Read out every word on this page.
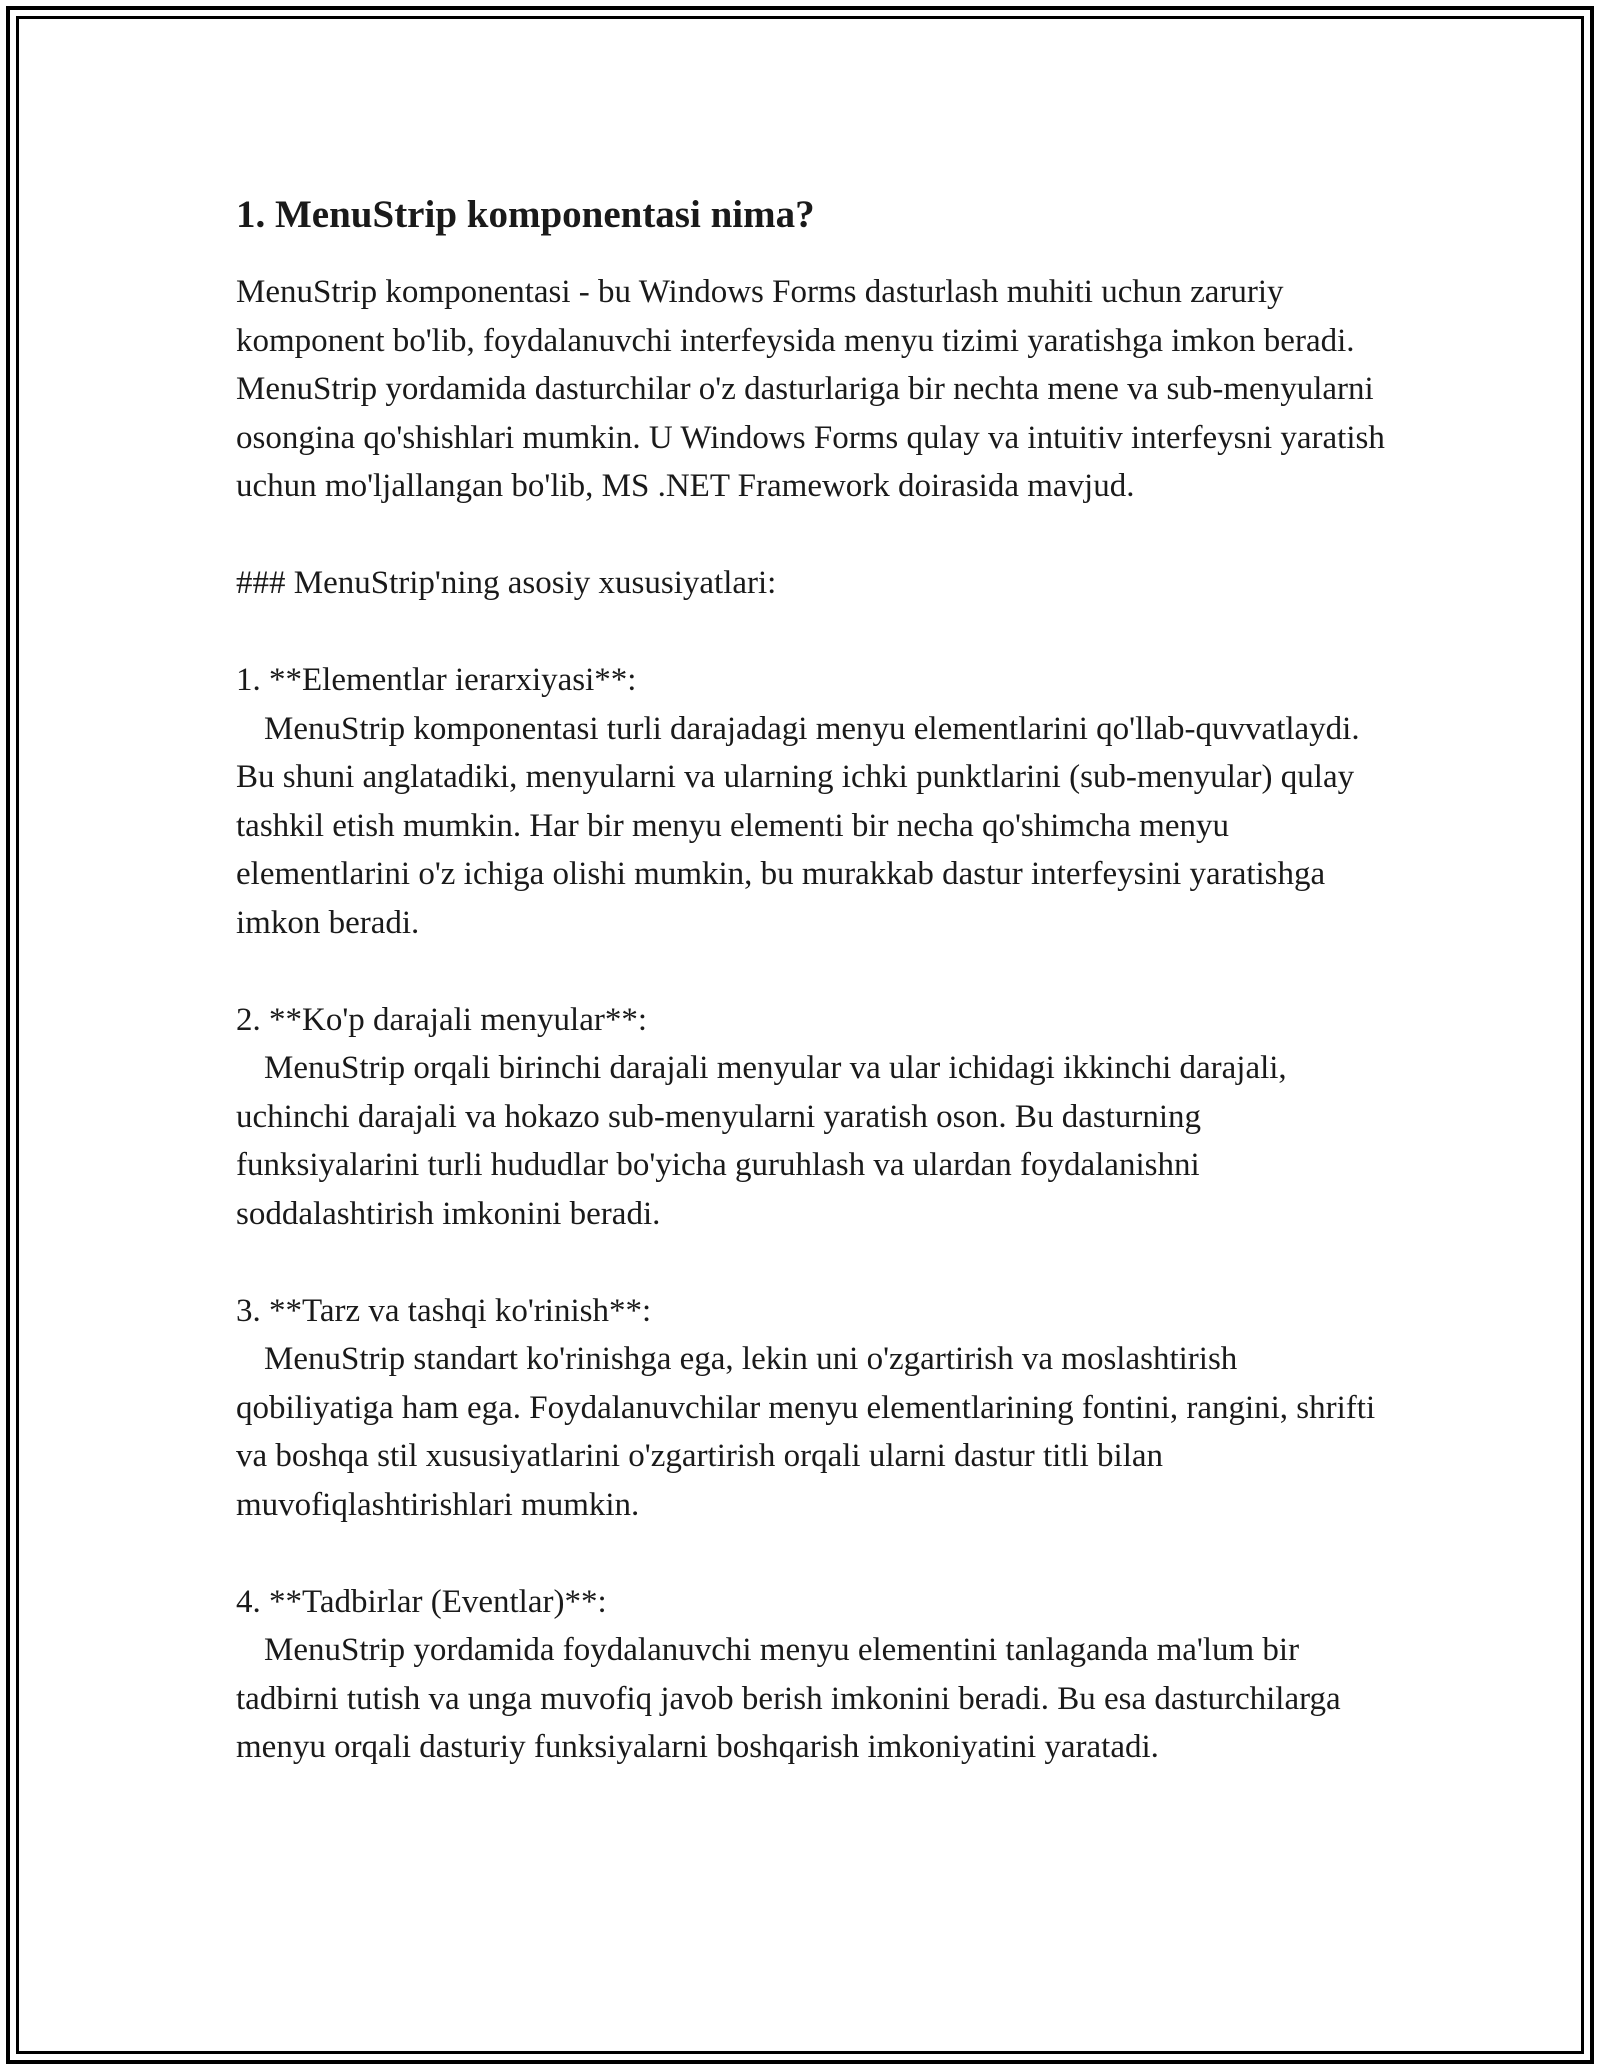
1. MenuStrip komponentasi nima?

MenuStrip komponentasi - bu Windows Forms dasturlash muhiti uchun zaruriy komponent bo'lib, foydalanuvchi interfeysida menyu tizimi yaratishga imkon beradi. MenuStrip yordamida dasturchilar o'z dasturlariga bir nechta mene va sub-menyularni osongina qo'shishlari mumkin. U Windows Forms qulay va intuitiv interfeysni yaratish uchun mo'ljallangan bo'lib, MS .NET Framework doirasida mavjud.

### MenuStrip'ning asosiy xususiyatlari:

1. **Elementlar ierarxiyasi**:

MenuStrip komponentasi turli darajadagi menyu elementlarini qo'llab-quvvatlaydi. Bu shuni anglatadiki, menyularni va ularning ichki punktlarini (sub-menyular) qulay tashkil etish mumkin. Har bir menyu elementi bir necha qo'shimcha menyu elementlarini o'z ichiga olishi mumkin, bu murakkab dastur interfeysini yaratishga imkon beradi.

2. **Ko'p darajali menyular**:

MenuStrip orqali birinchi darajali menyular va ular ichidagi ikkinchi darajali, uchinchi darajali va hokazo sub-menyularni yaratish oson. Bu dasturning funksiyalarini turli hududlar bo'yicha guruhlash va ulardan foydalanishni soddalashtirish imkonini beradi.

3. **Tarz va tashqi ko'rinish**:

MenuStrip standart ko'rinishga ega, lekin uni o'zgartirish va moslashtirish qobiliyatiga ham ega. Foydalanuvchilar menyu elementlarining fontini, rangini, shrifti va boshqa stil xususiyatlarini o'zgartirish orqali ularni dastur titli bilan muvofiqlashtirishlari mumkin.

4. **Tadbirlar (Eventlar)**:

MenuStrip yordamida foydalanuvchi menyu elementini tanlaganda ma'lum bir tadbirni tutish va unga muvofiq javob berish imkonini beradi. Bu esa dasturchilarga menyu orqali dasturiy funksiyalarni boshqarish imkoniyatini yaratadi.
